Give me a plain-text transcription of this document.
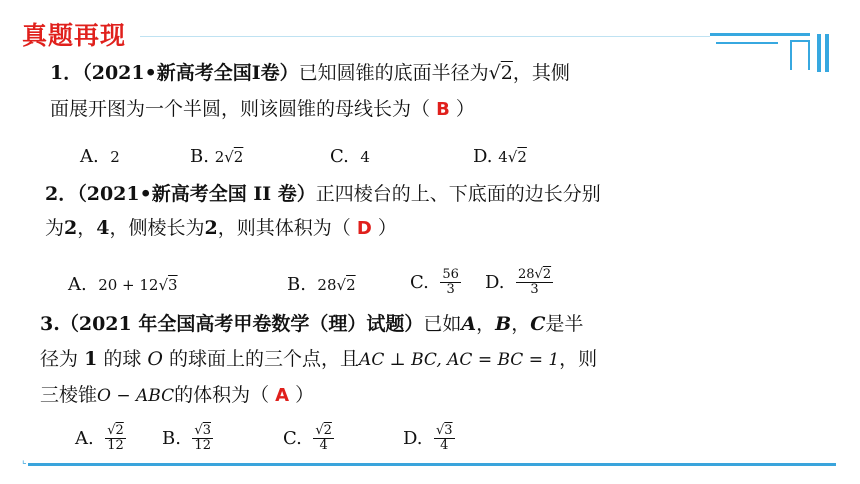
真题再现
1．（2021•新高考全国Ⅰ卷）已知圆锥的底面半径为√2，其侧
面展开图为一个半圆，则该圆锥的母线长为（ B ）
A. 2	B. 2√2	C. 4	D. 4√2
2．（2021•新高考全国 II 卷）正四棱台的上、下底面的边长分别
为2，4，侧棱长为2，则其体积为（ D ）
A. 20 + 12√3	B. 28√2	C. $\frac{56}{3} D$. $\frac{28√2}{3}$
3.（2021 年全国高考甲卷数学（理）试题）已如A，B，C是半
径为 1 的球 O 的球面上的三个点，且AC ⊥ BC, AC = BC = 1，则
三棱锥O − ABC的体积为（ A ）
A. $\frac{√2}{12} B$. $\frac{√3}{12}$	C. $\frac{√2}{4}$	D. $\frac{√3}{4}$
⌞
